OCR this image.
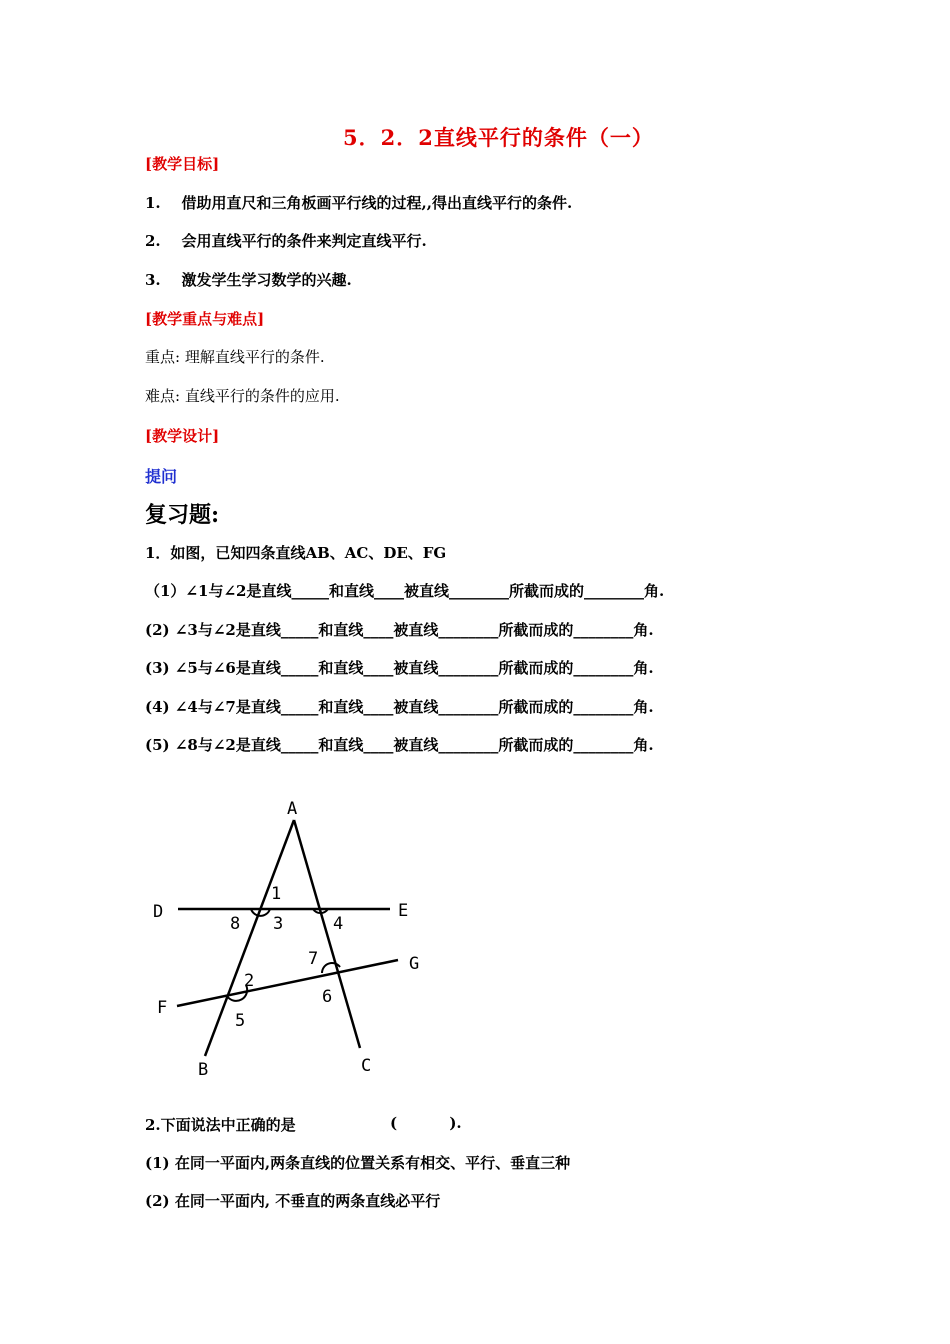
5．2．2直线平行的条件（一）
[教学目标]
1.    借助用直尺和三角板画平行线的过程,,得出直线平行的条件.
2.    会用直线平行的条件来判定直线平行.
3.    激发学生学习数学的兴趣.
[教学重点与难点]
重点: 理解直线平行的条件.
难点: 直线平行的条件的应用.
[教学设计]
提问
复习题:
1．如图，已知四条直线AB、AC、DE、FG
（1）∠1与∠2是直线_____和直线____被直线________所截而成的________角.
(2) ∠3与∠2是直线_____和直线____被直线________所截而成的________角.
(3) ∠5与∠6是直线_____和直线____被直线________所截而成的________角.
(4) ∠4与∠7是直线_____和直线____被直线________所截而成的________角.
(5) ∠8与∠2是直线_____和直线____被直线________所截而成的________角.
A
B	C
D	E
F
G
1
2
3	4
5
6
7
8
2.下面说法中正确的是	(          ).
(1) 在同一平面内,两条直线的位置关系有相交、平行、垂直三种
(2) 在同一平面内, 不垂直的两条直线必平行
